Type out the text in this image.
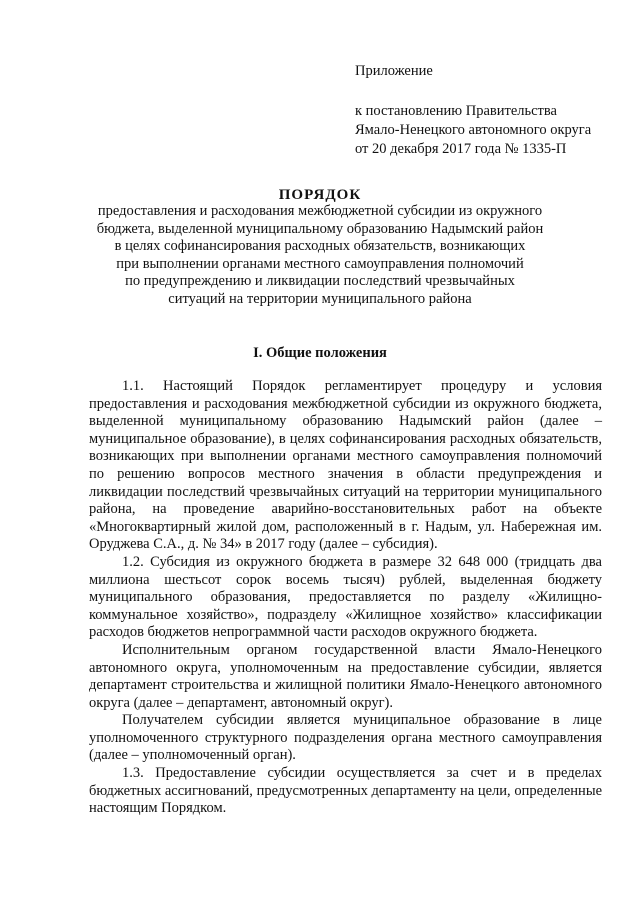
Приложение
к постановлению Правительства
Ямало-Ненецкого автономного округа
от 20 декабря 2017 года № 1335-П
ПОРЯДОК
предоставления и расходования межбюджетной субсидии из окружного
бюджета, выделенной муниципальному образованию Надымский район
в целях софинансирования расходных обязательств, возникающих
при выполнении органами местного самоуправления полномочий
по предупреждению и ликвидации последствий чрезвычайных
ситуаций на территории муниципального района
I. Общие положения

1.1. Настоящий Порядок регламентирует процедуру и условия предоставления и расходования межбюджетной субсидии из окружного бюджета, выделенной муниципальному образованию Надымский район (далее – муниципальное образование), в целях софинансирования расходных обязательств, возникающих при выполнении органами местного самоуправления полномочий по решению вопросов местного значения в области предупреждения и ликвидации последствий чрезвычайных ситуаций на территории муниципального района, на проведение аварийно-восстановительных работ на объекте «Многоквартирный жилой дом, расположенный в г. Надым, ул. Набережная им. Оруджева С.А., д. № 34» в 2017 году (далее – субсидия).

1.2. Субсидия из окружного бюджета в размере 32 648 000 (тридцать два миллиона шестьсот сорок восемь тысяч) рублей, выделенная бюджету муниципального образования, предоставляется по разделу «Жилищно-коммунальное хозяйство», подразделу «Жилищное хозяйство» классификации расходов бюджетов непрограммной части расходов окружного бюджета.

Исполнительным органом государственной власти Ямало-Ненецкого автономного округа, уполномоченным на предоставление субсидии, является департамент строительства и жилищной политики Ямало-Ненецкого автономного округа (далее – департамент, автономный округ).

Получателем субсидии является муниципальное образование в лице уполномоченного структурного подразделения органа местного самоуправления (далее – уполномоченный орган).

1.3. Предоставление субсидии осуществляется за счет и в пределах бюджетных ассигнований, предусмотренных департаменту на цели, определенные настоящим Порядком.
